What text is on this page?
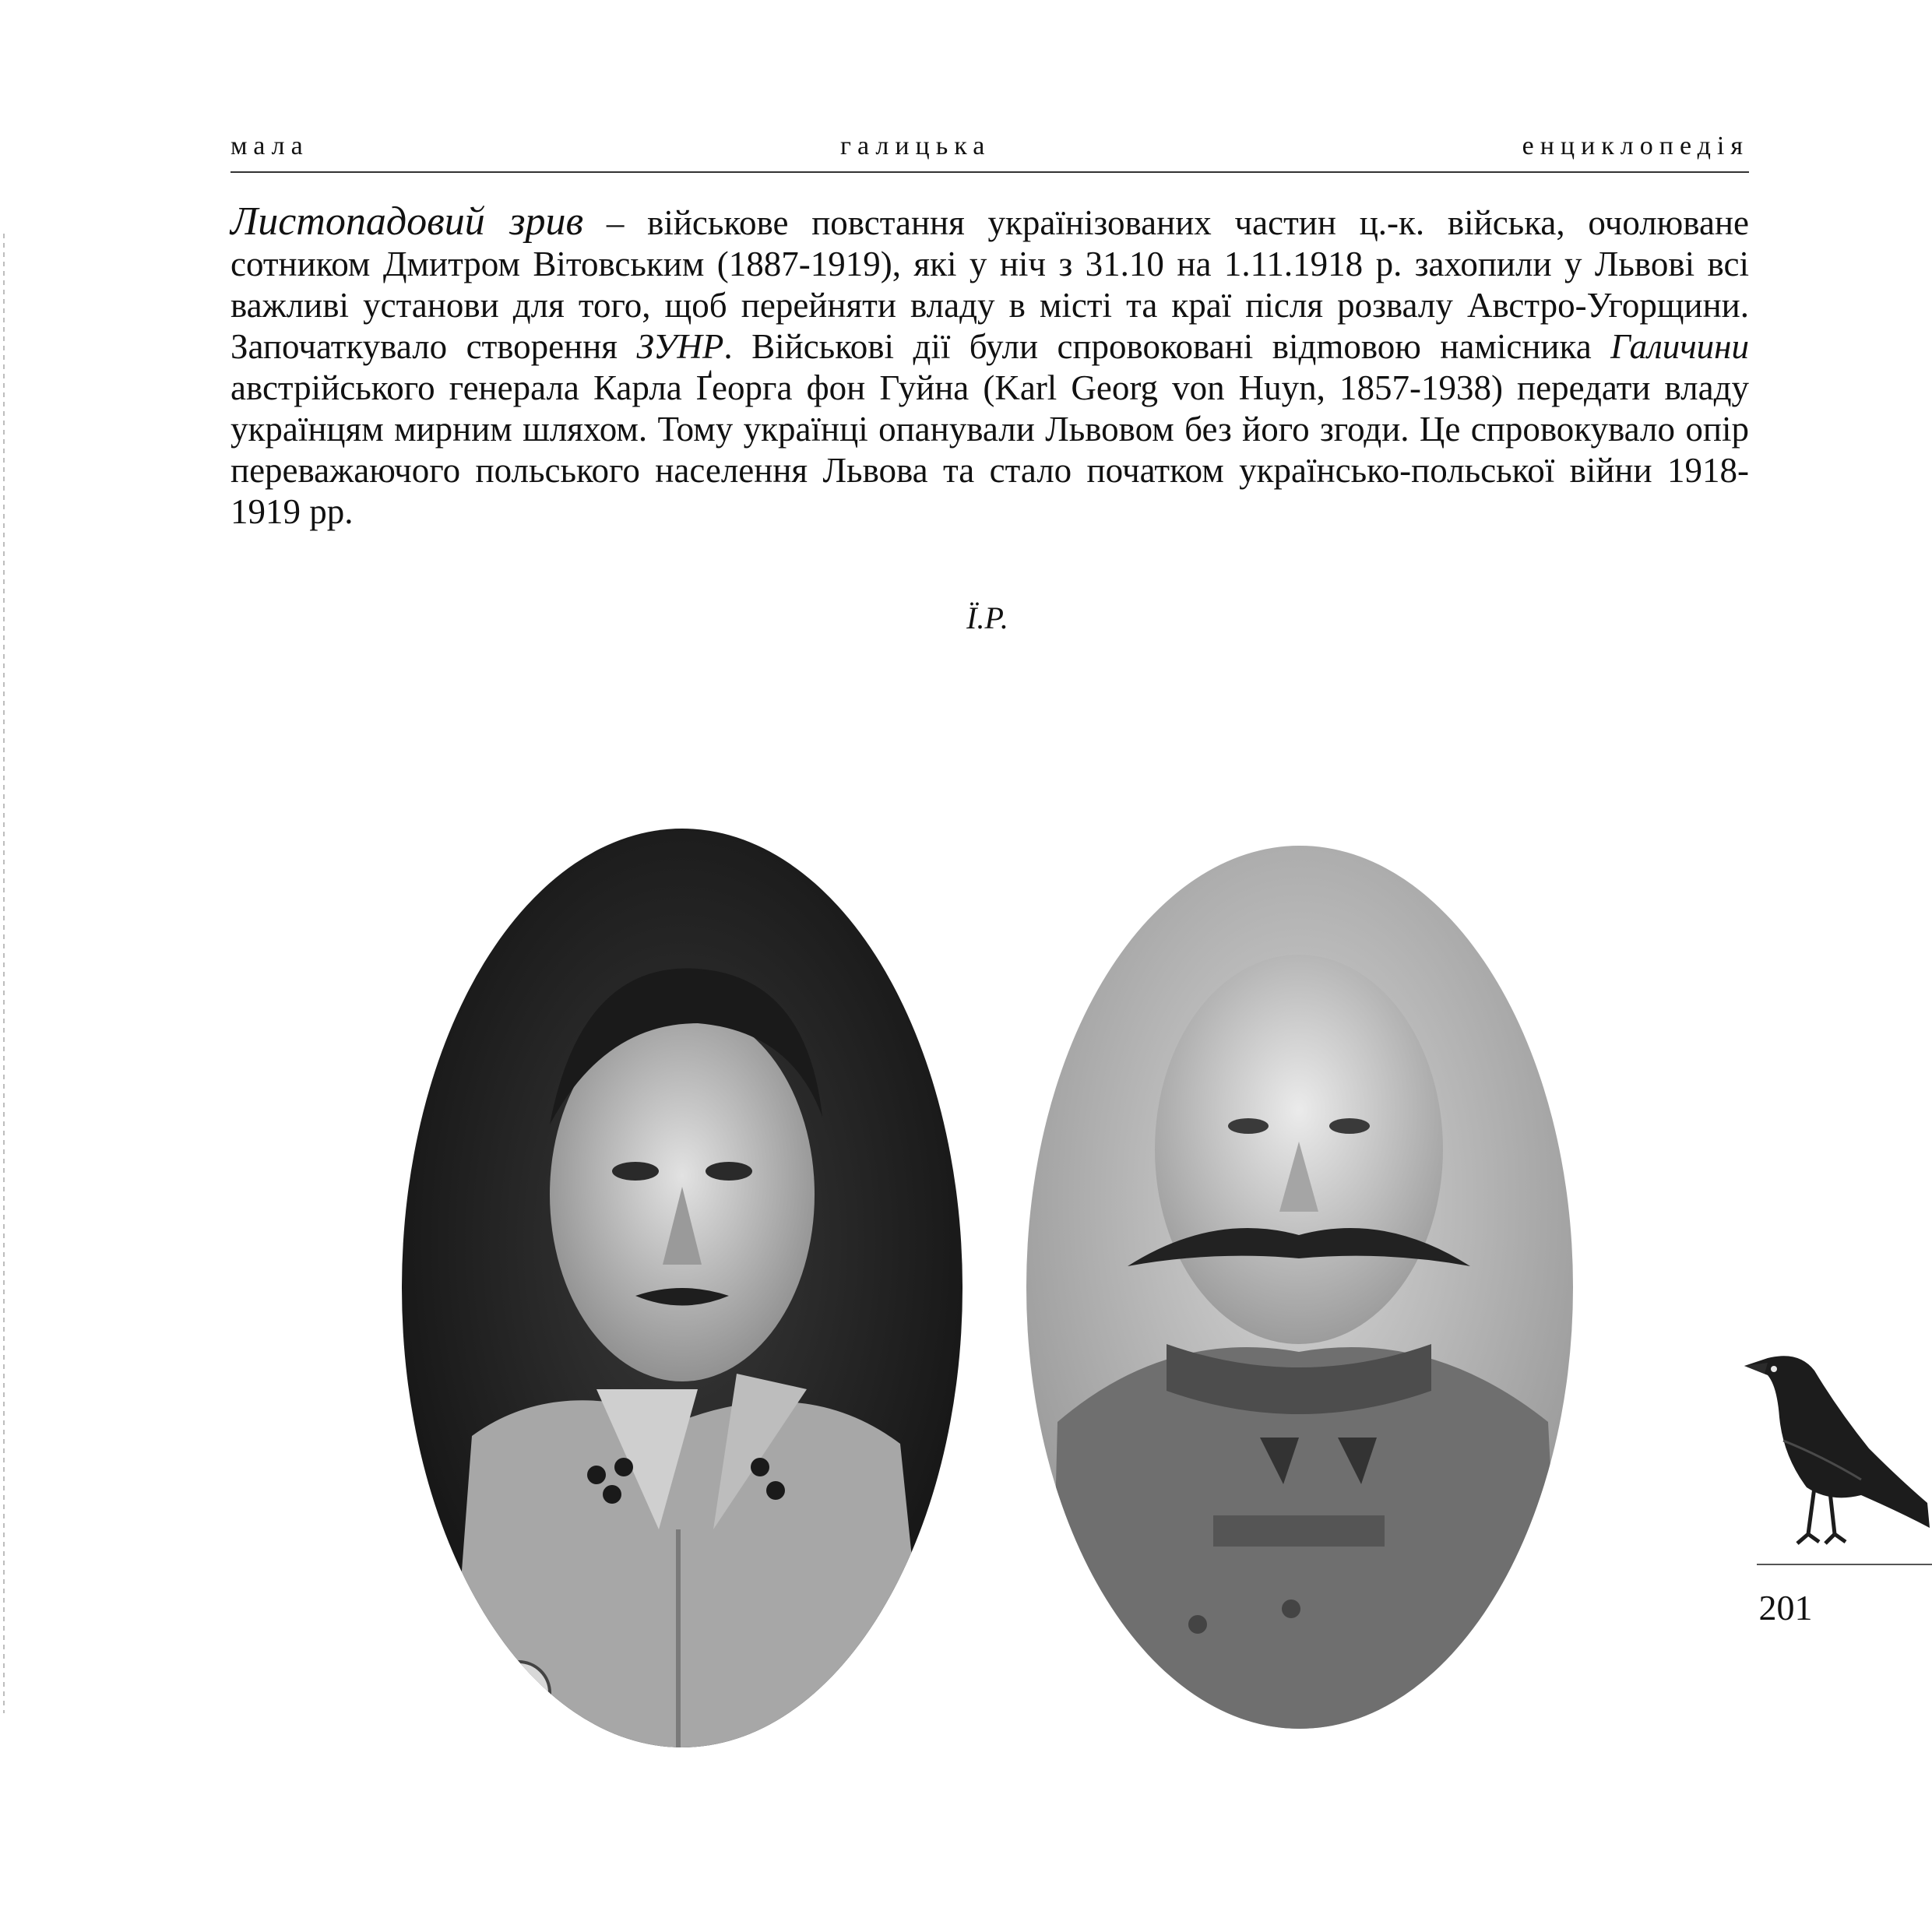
мала галицька енциклопедія

Листопадовий зрив – військове повстання українізованих частин ц.-к. війська, очолюване сотником Дмитром Вітовським (1887-1919), які у ніч з 31.10 на 1.11.1918 р. захопили у Львові всі важливі установи для того, щоб перейняти владу в місті та краї після розвалу Австро-Угорщини. Започаткувало створення ЗУНР. Військові дії були спровоковані відmовою намісника Галичини австрійського генерала Карла Ґеорга фон Гуйна (Karl Georg von Huyn, 1857-1938) передати владу українцям мирним шляхом. Тому українці опанували Львовом без його згоди. Це спровокувало опір переважаючого польського населення Львова та стало початком українсько-польської війни 1918-1919 рр.

Ї.Р.
201
